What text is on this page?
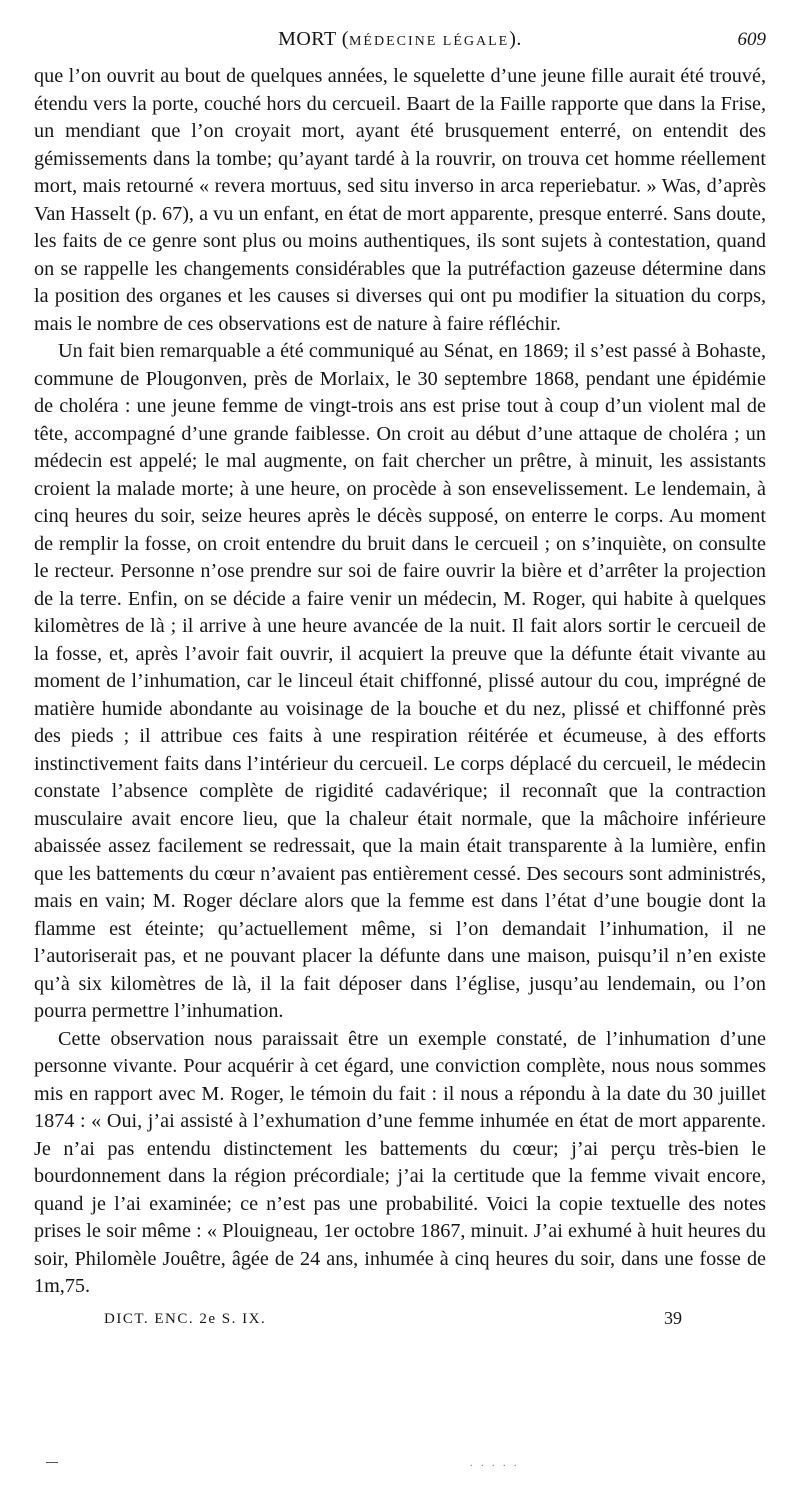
MORT (MÉDECINE LÉGALE).	609

que l’on ouvrit au bout de quelques années, le squelette d’une jeune fille aurait été trouvé, étendu vers la porte, couché hors du cercueil. Baart de la Faille rapporte que dans la Frise, un mendiant que l’on croyait mort, ayant été brusquement enterré, on entendit des gémissements dans la tombe; qu’ayant tardé à la rouvrir, on trouva cet homme réellement mort, mais retourné « revera mortuus, sed situ inverso in arca reperiebatur. » Was, d’après Van Hasselt (p. 67), a vu un enfant, en état de mort apparente, presque enterré. Sans doute, les faits de ce genre sont plus ou moins authentiques, ils sont sujets à contestation, quand on se rappelle les changements considérables que la putréfaction gazeuse détermine dans la position des organes et les causes si diverses qui ont pu modifier la situation du corps, mais le nombre de ces observations est de nature à faire réfléchir.

Un fait bien remarquable a été communiqué au Sénat, en 1869; il s’est passé à Bohaste, commune de Plougonven, près de Morlaix, le 30 septembre 1868, pendant une épidémie de choléra : une jeune femme de vingt-trois ans est prise tout à coup d’un violent mal de tête, accompagné d’une grande faiblesse. On croit au début d’une attaque de choléra ; un médecin est appelé; le mal augmente, on fait chercher un prêtre, à minuit, les assistants croient la malade morte; à une heure, on procède à son ensevelissement. Le lendemain, à cinq heures du soir, seize heures après le décès supposé, on enterre le corps. Au moment de remplir la fosse, on croit entendre du bruit dans le cercueil ; on s’inquiète, on consulte le recteur. Personne n’ose prendre sur soi de faire ouvrir la bière et d’arrêter la projection de la terre. Enfin, on se décide a faire venir un médecin, M. Roger, qui habite à quelques kilomètres de là ; il arrive à une heure avancée de la nuit. Il fait alors sortir le cercueil de la fosse, et, après l’avoir fait ouvrir, il acquiert la preuve que la défunte était vivante au moment de l’inhumation, car le linceul était chiffonné, plissé autour du cou, imprégné de matière humide abondante au voisinage de la bouche et du nez, plissé et chiffonné près des pieds ; il attribue ces faits à une respiration réitérée et écumeuse, à des efforts instinctivement faits dans l’intérieur du cercueil. Le corps déplacé du cercueil, le médecin constate l’absence complète de rigidité cadavérique; il reconnaît que la contraction musculaire avait encore lieu, que la chaleur était normale, que la mâchoire inférieure abaissée assez facilement se redressait, que la main était transparente à la lumière, enfin que les battements du cœur n’avaient pas entièrement cessé. Des secours sont administrés, mais en vain; M. Roger déclare alors que la femme est dans l’état d’une bougie dont la flamme est éteinte; qu’actuellement même, si l’on demandait l’inhumation, il ne l’autoriserait pas, et ne pouvant placer la défunte dans une maison, puisqu’il n’en existe qu’à six kilomètres de là, il la fait déposer dans l’église, jusqu’au lendemain, ou l’on pourra permettre l’inhumation.

Cette observation nous paraissait être un exemple constaté, de l’inhumation d’une personne vivante. Pour acquérir à cet égard, une conviction complète, nous nous sommes mis en rapport avec M. Roger, le témoin du fait : il nous a répondu à la date du 30 juillet 1874 : « Oui, j’ai assisté à l’exhumation d’une femme inhumée en état de mort apparente. Je n’ai pas entendu distinctement les battements du cœur; j’ai perçu très-bien le bourdonnement dans la région précordiale; j’ai la certitude que la femme vivait encore, quand je l’ai examinée; ce n’est pas une probabilité. Voici la copie textuelle des notes prises le soir même : « Plouigneau, 1er octobre 1867, minuit. J’ai exhumé à huit heures du soir, Philomèle Jouêtre, âgée de 24 ans, inhumée à cinq heures du soir, dans une fosse de 1m,75.

DICT. ENC. 2e S. IX.	39
. . . . .
